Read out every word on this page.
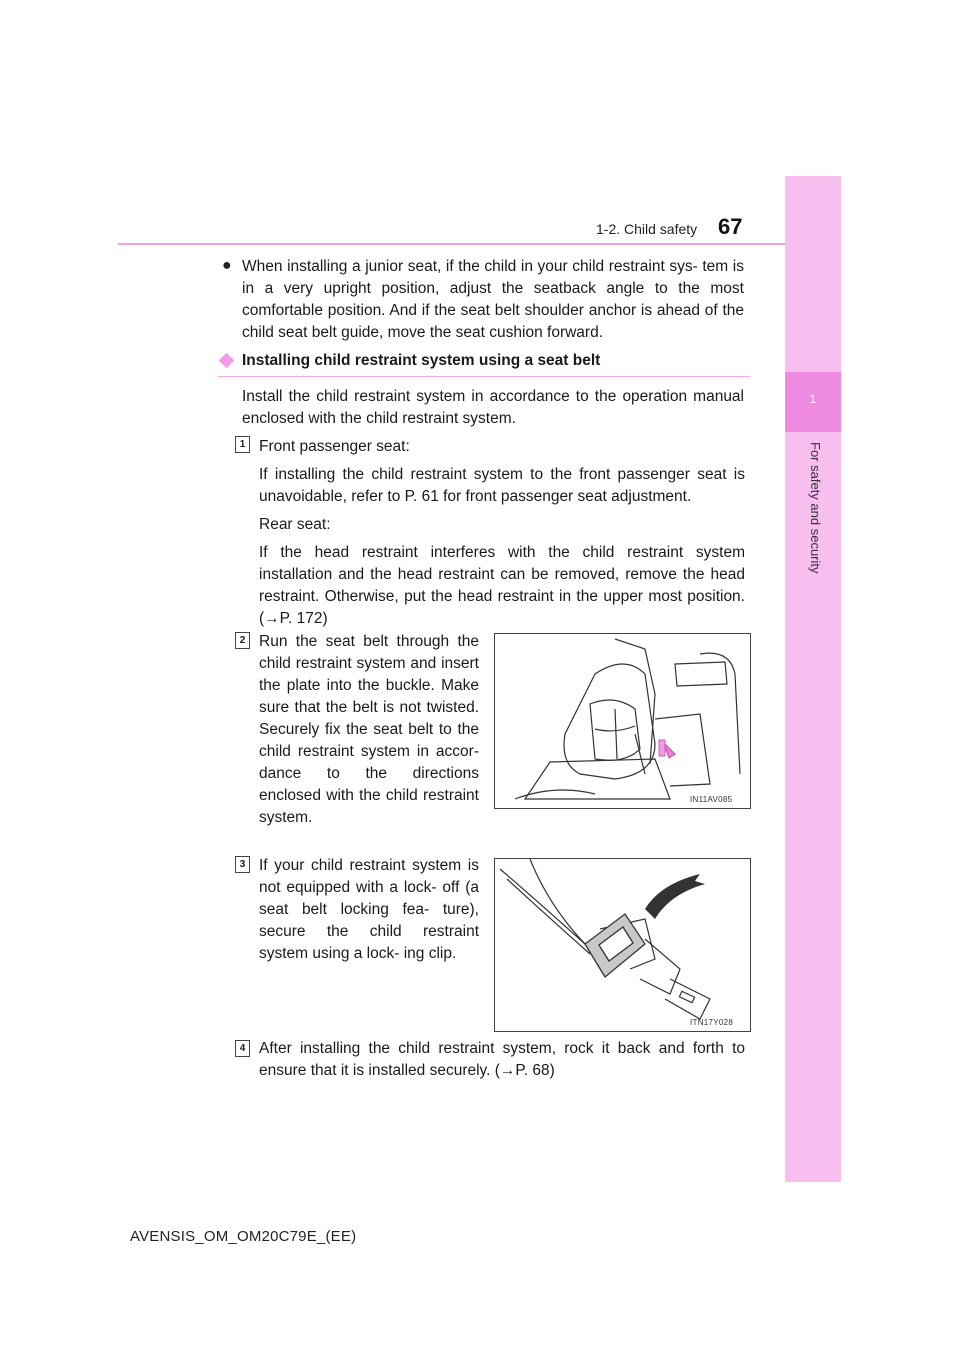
1
For safety and security
1-2. Child safety 67
● When installing a junior seat, if the child in your child restraint sys- tem is in a very upright position, adjust the seatback angle to the most comfortable position. And if the seat belt shoulder anchor is ahead of the child seat belt guide, move the seat cushion forward.

Installing child restraint system using a seat belt

Install the child restraint system in accordance to the operation manual enclosed with the child restraint system.

1 Front passenger seat:

If installing the child restraint system to the front passenger seat is unavoidable, refer to P. 61 for front passenger seat adjustment.

Rear seat:

If the head restraint interferes with the child restraint system installation and the head restraint can be removed, remove the head restraint. Otherwise, put the head restraint in the upper most position. (→P. 172)

2 Run the seat belt through the child restraint system and insert the plate into the buckle. Make sure that the belt is not twisted. Securely fix the seat belt to the child restraint system in accor- dance to the directions enclosed with the child restraint system.

IN11AV085
3 If your child restraint system is not equipped with a lock- off (a seat belt locking fea- ture), secure the child restraint system using a lock- ing clip.

ITN17Y028
4 After installing the child restraint system, rock it back and forth to ensure that it is installed securely. (→P. 68)

AVENSIS_OM_OM20C79E_(EE)
